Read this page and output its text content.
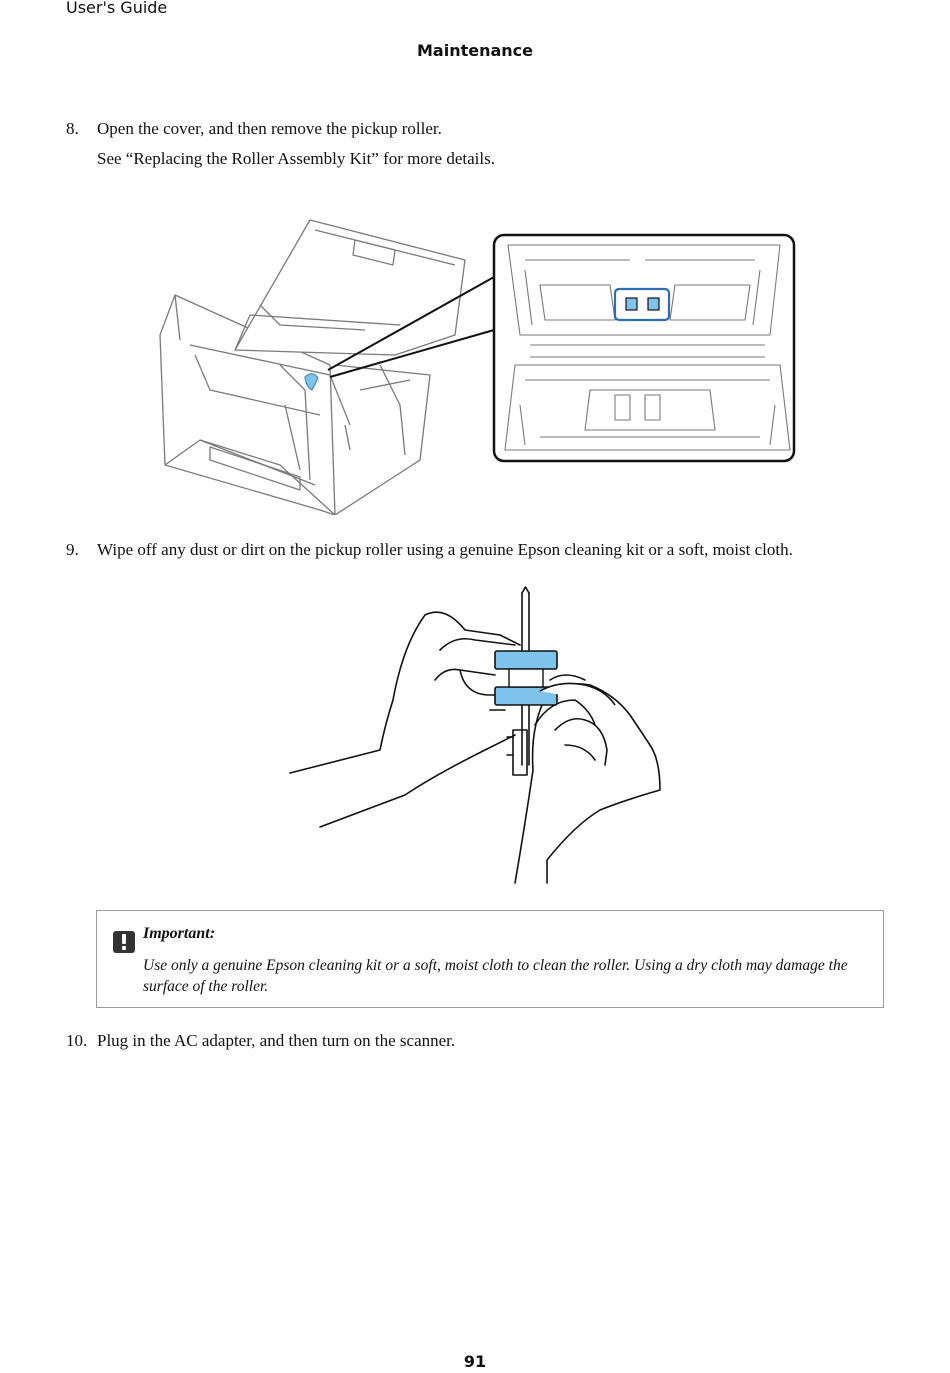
User's Guide
Maintenance
8. Open the cover, and then remove the pickup roller.
See “Replacing the Roller Assembly Kit” for more details.
9. Wipe off any dust or dirt on the pickup roller using a genuine Epson cleaning kit or a soft, moist cloth.
Important:
Use only a genuine Epson cleaning kit or a soft, moist cloth to clean the roller. Using a dry cloth may damage the surface of the roller.
10. Plug in the AC adapter, and then turn on the scanner.
91
